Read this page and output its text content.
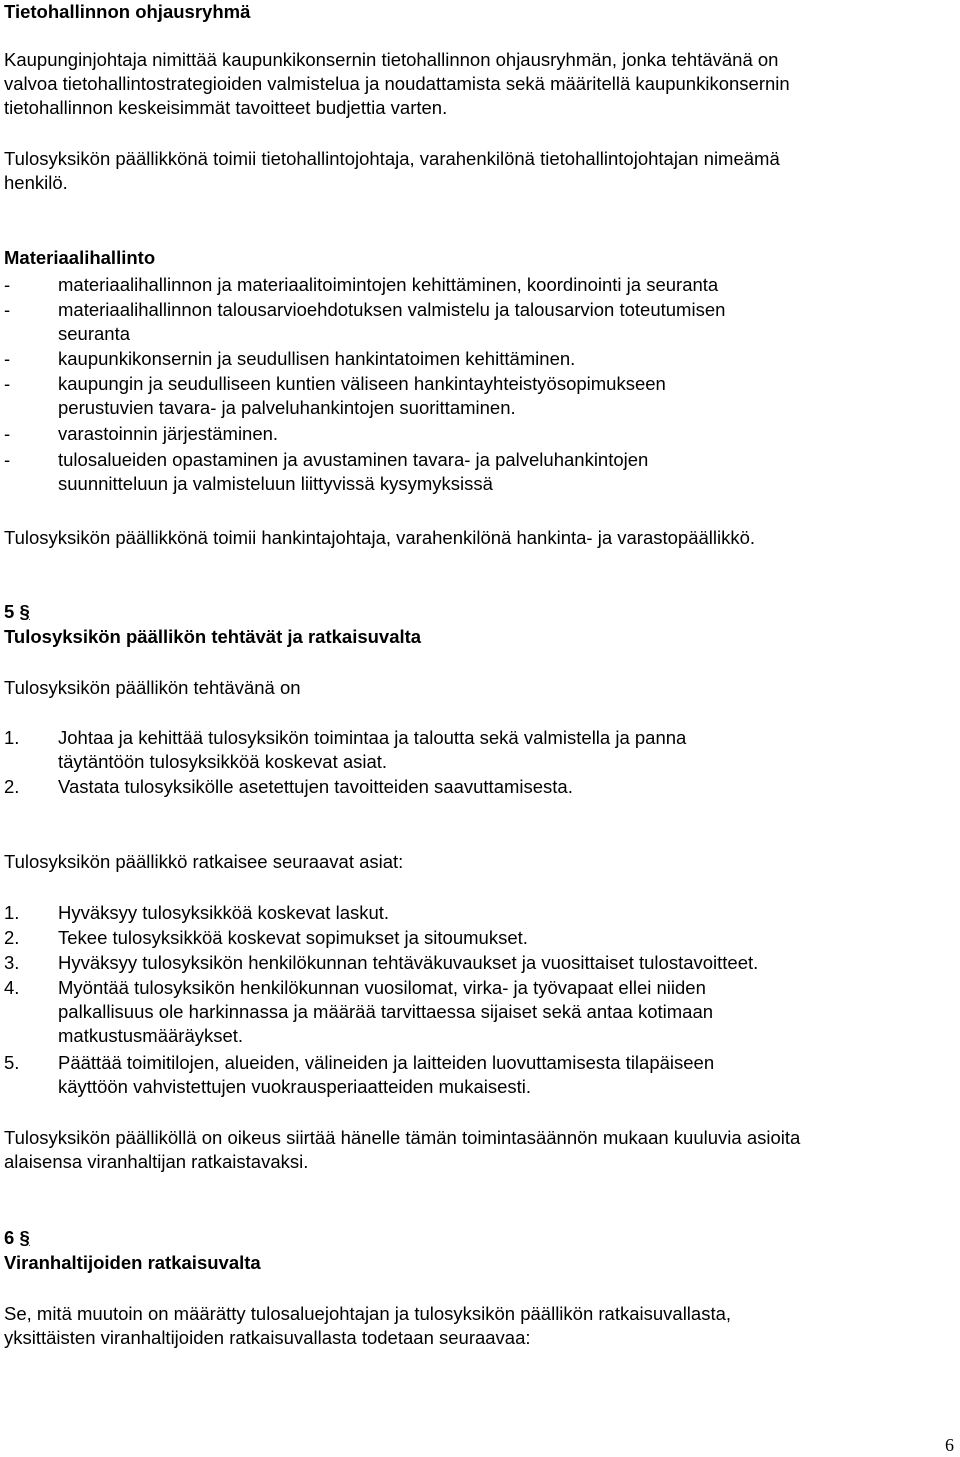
Tietohallinnon ohjausryhmä
Kaupunginjohtaja nimittää kaupunkikonsernin tietohallinnon ohjausryhmän, jonka tehtävänä on
valvoa tietohallintostrategioiden valmistelua ja noudattamista sekä määritellä kaupunkikonsernin
tietohallinnon keskeisimmät tavoitteet budjettia varten.
Tulosyksikön päällikkönä toimii tietohallintojohtaja, varahenkilönä tietohallintojohtajan nimeämä
henkilö.
Materiaalihallinto
-	materiaalihallinnon ja materiaalitoimintojen kehittäminen, koordinointi ja seuranta
-	materiaalihallinnon talousarvioehdotuksen valmistelu ja talousarvion toteutumisen
seuranta
-	kaupunkikonsernin ja seudullisen hankintatoimen kehittäminen.
-	kaupungin ja seudulliseen kuntien väliseen hankintayhteistyösopimukseen
perustuvien tavara- ja palveluhankintojen suorittaminen.
-	varastoinnin järjestäminen.
-	tulosalueiden opastaminen ja avustaminen tavara- ja palveluhankintojen
suunnitteluun ja valmisteluun liittyvissä kysymyksissä
Tulosyksikön päällikkönä toimii hankintajohtaja, varahenkilönä hankinta- ja varastopäällikkö.
5 §
Tulosyksikön päällikön tehtävät ja ratkaisuvalta
Tulosyksikön päällikön tehtävänä on
1. Johtaa ja kehittää tulosyksikön toimintaa ja taloutta sekä valmistella ja panna
täytäntöön tulosyksikköä koskevat asiat.
2. Vastata tulosyksikölle asetettujen tavoitteiden saavuttamisesta.
Tulosyksikön päällikkö ratkaisee seuraavat asiat:
1. Hyväksyy tulosyksikköä koskevat laskut.
2. Tekee tulosyksikköä koskevat sopimukset ja sitoumukset.
3. Hyväksyy tulosyksikön henkilökunnan tehtäväkuvaukset ja vuosittaiset tulostavoitteet.
4. Myöntää tulosyksikön henkilökunnan vuosilomat, virka- ja työvapaat ellei niiden
palkallisuus ole harkinnassa ja määrää tarvittaessa sijaiset sekä antaa kotimaan
matkustusmääräykset.
5. Päättää toimitilojen, alueiden, välineiden ja laitteiden luovuttamisesta tilapäiseen
käyttöön vahvistettujen vuokrausperiaatteiden mukaisesti.
Tulosyksikön päälliköllä on oikeus siirtää hänelle tämän toimintasäännön mukaan kuuluvia asioita
alaisensa viranhaltijan ratkaistavaksi.
6 §
Viranhaltijoiden ratkaisuvalta
Se, mitä muutoin on määrätty tulosaluejohtajan ja tulosyksikön päällikön ratkaisuvallasta,
yksittäisten viranhaltijoiden ratkaisuvallasta todetaan seuraavaa:
6
